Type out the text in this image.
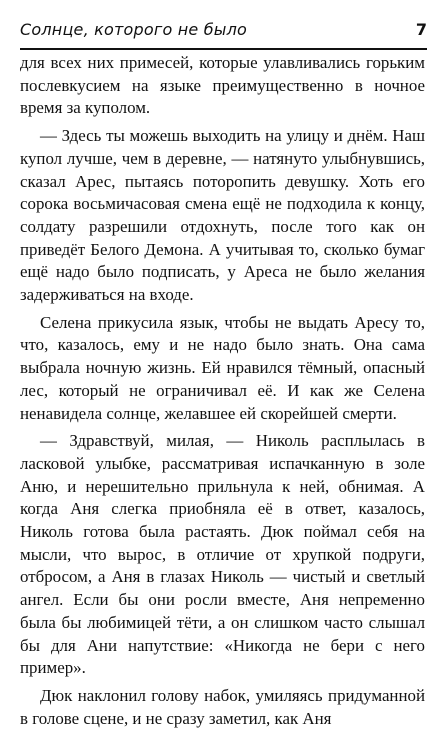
Солнце, которого не было	7

для всех них примесей, которые улавливались горьким послевкусием на языке преимущественно в ночное время за куполом.

— Здесь ты можешь выходить на улицу и днём. Наш купол лучше, чем в деревне, — натянуто улыбнувшись, сказал Арес, пытаясь поторопить девушку. Хоть его сорока восьмичасовая смена ещё не подходила к концу, солдату разрешили отдохнуть, после того как он приведёт Белого Демона. А учитывая то, сколько бумаг ещё надо было подписать, у Ареса не было желания задерживаться на входе.

Селена прикусила язык, чтобы не выдать Аресу то, что, казалось, ему и не надо было знать. Она сама выбрала ночную жизнь. Ей нравился тёмный, опасный лес, который не ограничивал её. И как же Селена ненавидела солнце, желавшее ей скорейшей смерти.

— Здравствуй, милая, — Николь расплылась в ласковой улыбке, рассматривая испачканную в золе Аню, и нерешительно прильнула к ней, обнимая. А когда Аня слегка приобняла её в ответ, казалось, Николь готова была растаять. Дюк поймал себя на мысли, что вырос, в отличие от хрупкой подруги, отбросом, а Аня в глазах Николь — чистый и светлый ангел. Если бы они росли вместе, Аня непременно была бы любимицей тёти, а он слишком часто слышал бы для Ани напутствие: «Никогда не бери с него пример».

Дюк наклонил голову набок, умиляясь придуманной в голове сцене, и не сразу заметил, как Аня
